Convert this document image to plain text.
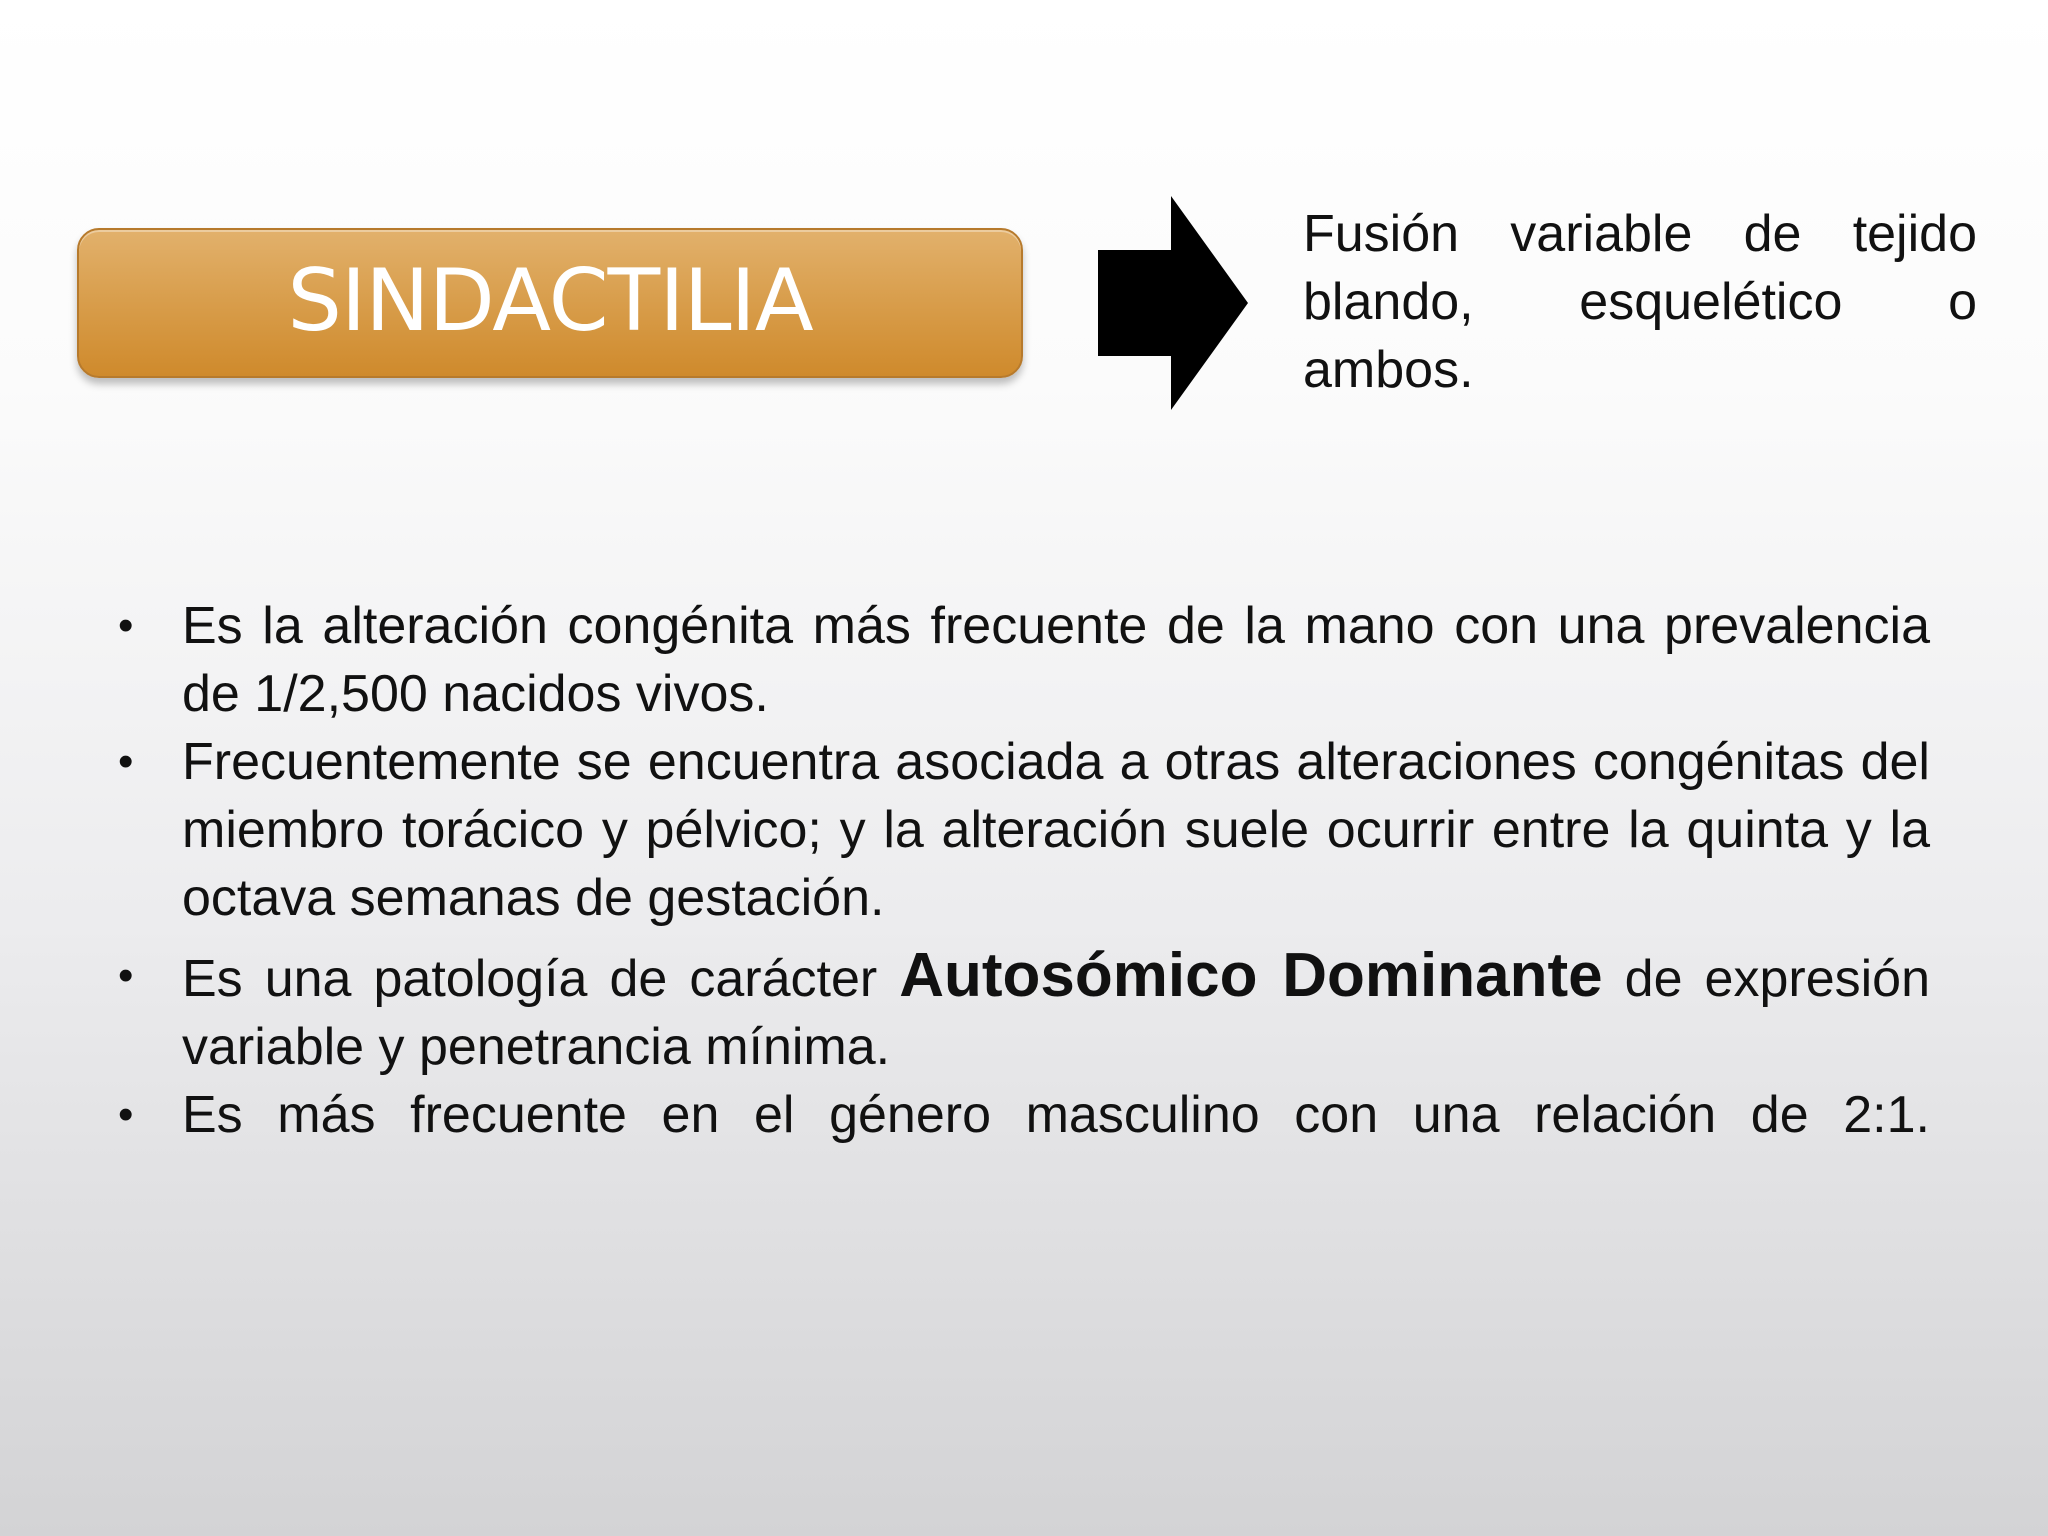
SINDACTILIA
Fusión variable de tejido blando, esquelético o ambos.
• Es la alteración congénita más frecuente de la mano con una prevalencia de 1/2,500 nacidos vivos.
• Frecuentemente se encuentra asociada a otras alteraciones congénitas del miembro torácico y pélvico; y la alteración suele ocurrir entre la quinta y la octava semanas de gestación.
• Es una patología de carácter Autosómico Dominante de expresión variable y penetrancia mínima.
• Es más frecuente en el género masculino con una relación de 2:1.
